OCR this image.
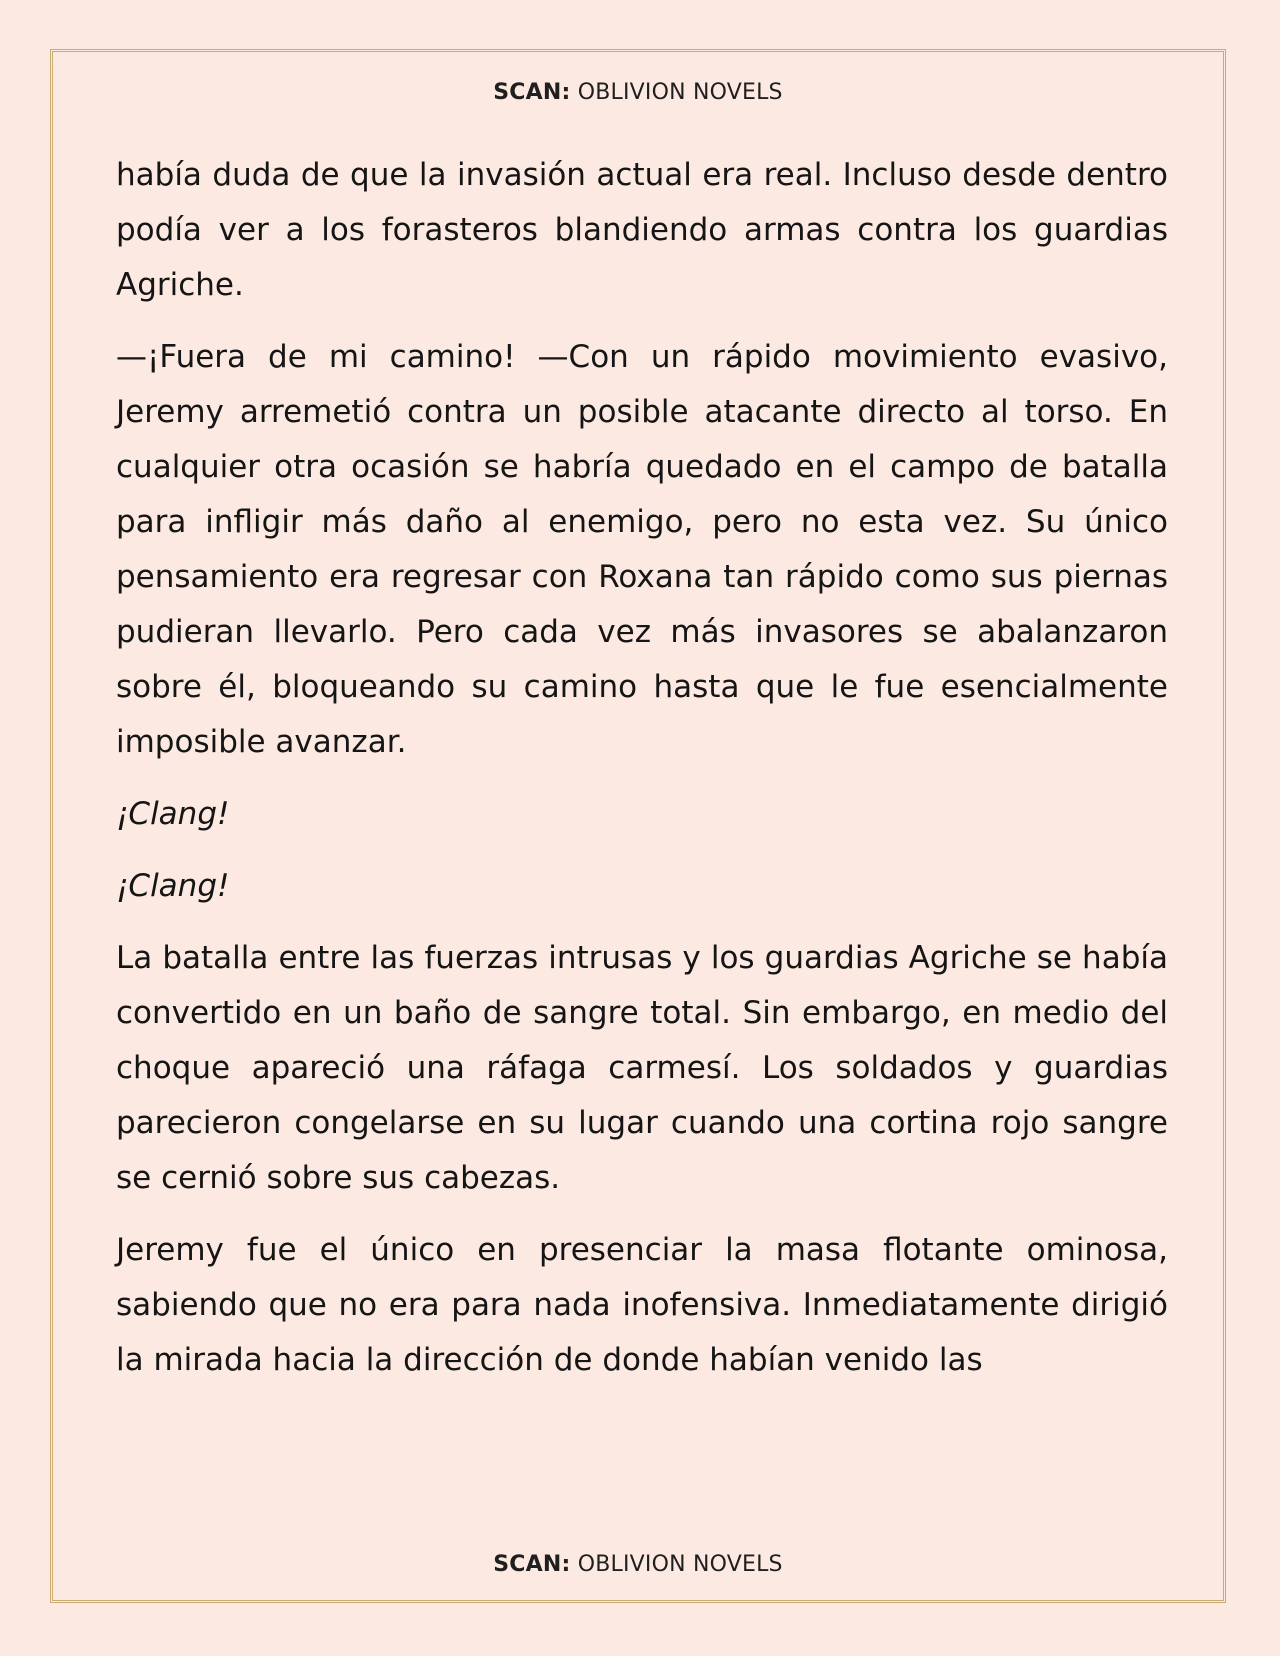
SCAN: OBLIVION NOVELS

había duda de que la invasión actual era real. Incluso desde dentro podía ver a los forasteros blandiendo armas contra los guardias Agriche.

—¡Fuera de mi camino! —Con un rápido movimiento evasivo, Jeremy arremetió contra un posible atacante directo al torso. En cualquier otra ocasión se habría quedado en el campo de batalla para infligir más daño al enemigo, pero no esta vez. Su único pensamiento era regresar con Roxana tan rápido como sus piernas pudieran llevarlo. Pero cada vez más invasores se abalanzaron sobre él, bloqueando su camino hasta que le fue esencialmente imposible avanzar.

¡Clang!

¡Clang!

La batalla entre las fuerzas intrusas y los guardias Agriche se había convertido en un baño de sangre total. Sin embargo, en medio del choque apareció una ráfaga carmesí. Los soldados y guardias parecieron congelarse en su lugar cuando una cortina rojo sangre se cernió sobre sus cabezas.

Jeremy fue el único en presenciar la masa flotante ominosa, sabiendo que no era para nada inofensiva. Inmediatamente dirigió la mirada hacia la dirección de donde habían venido las

SCAN: OBLIVION NOVELS
